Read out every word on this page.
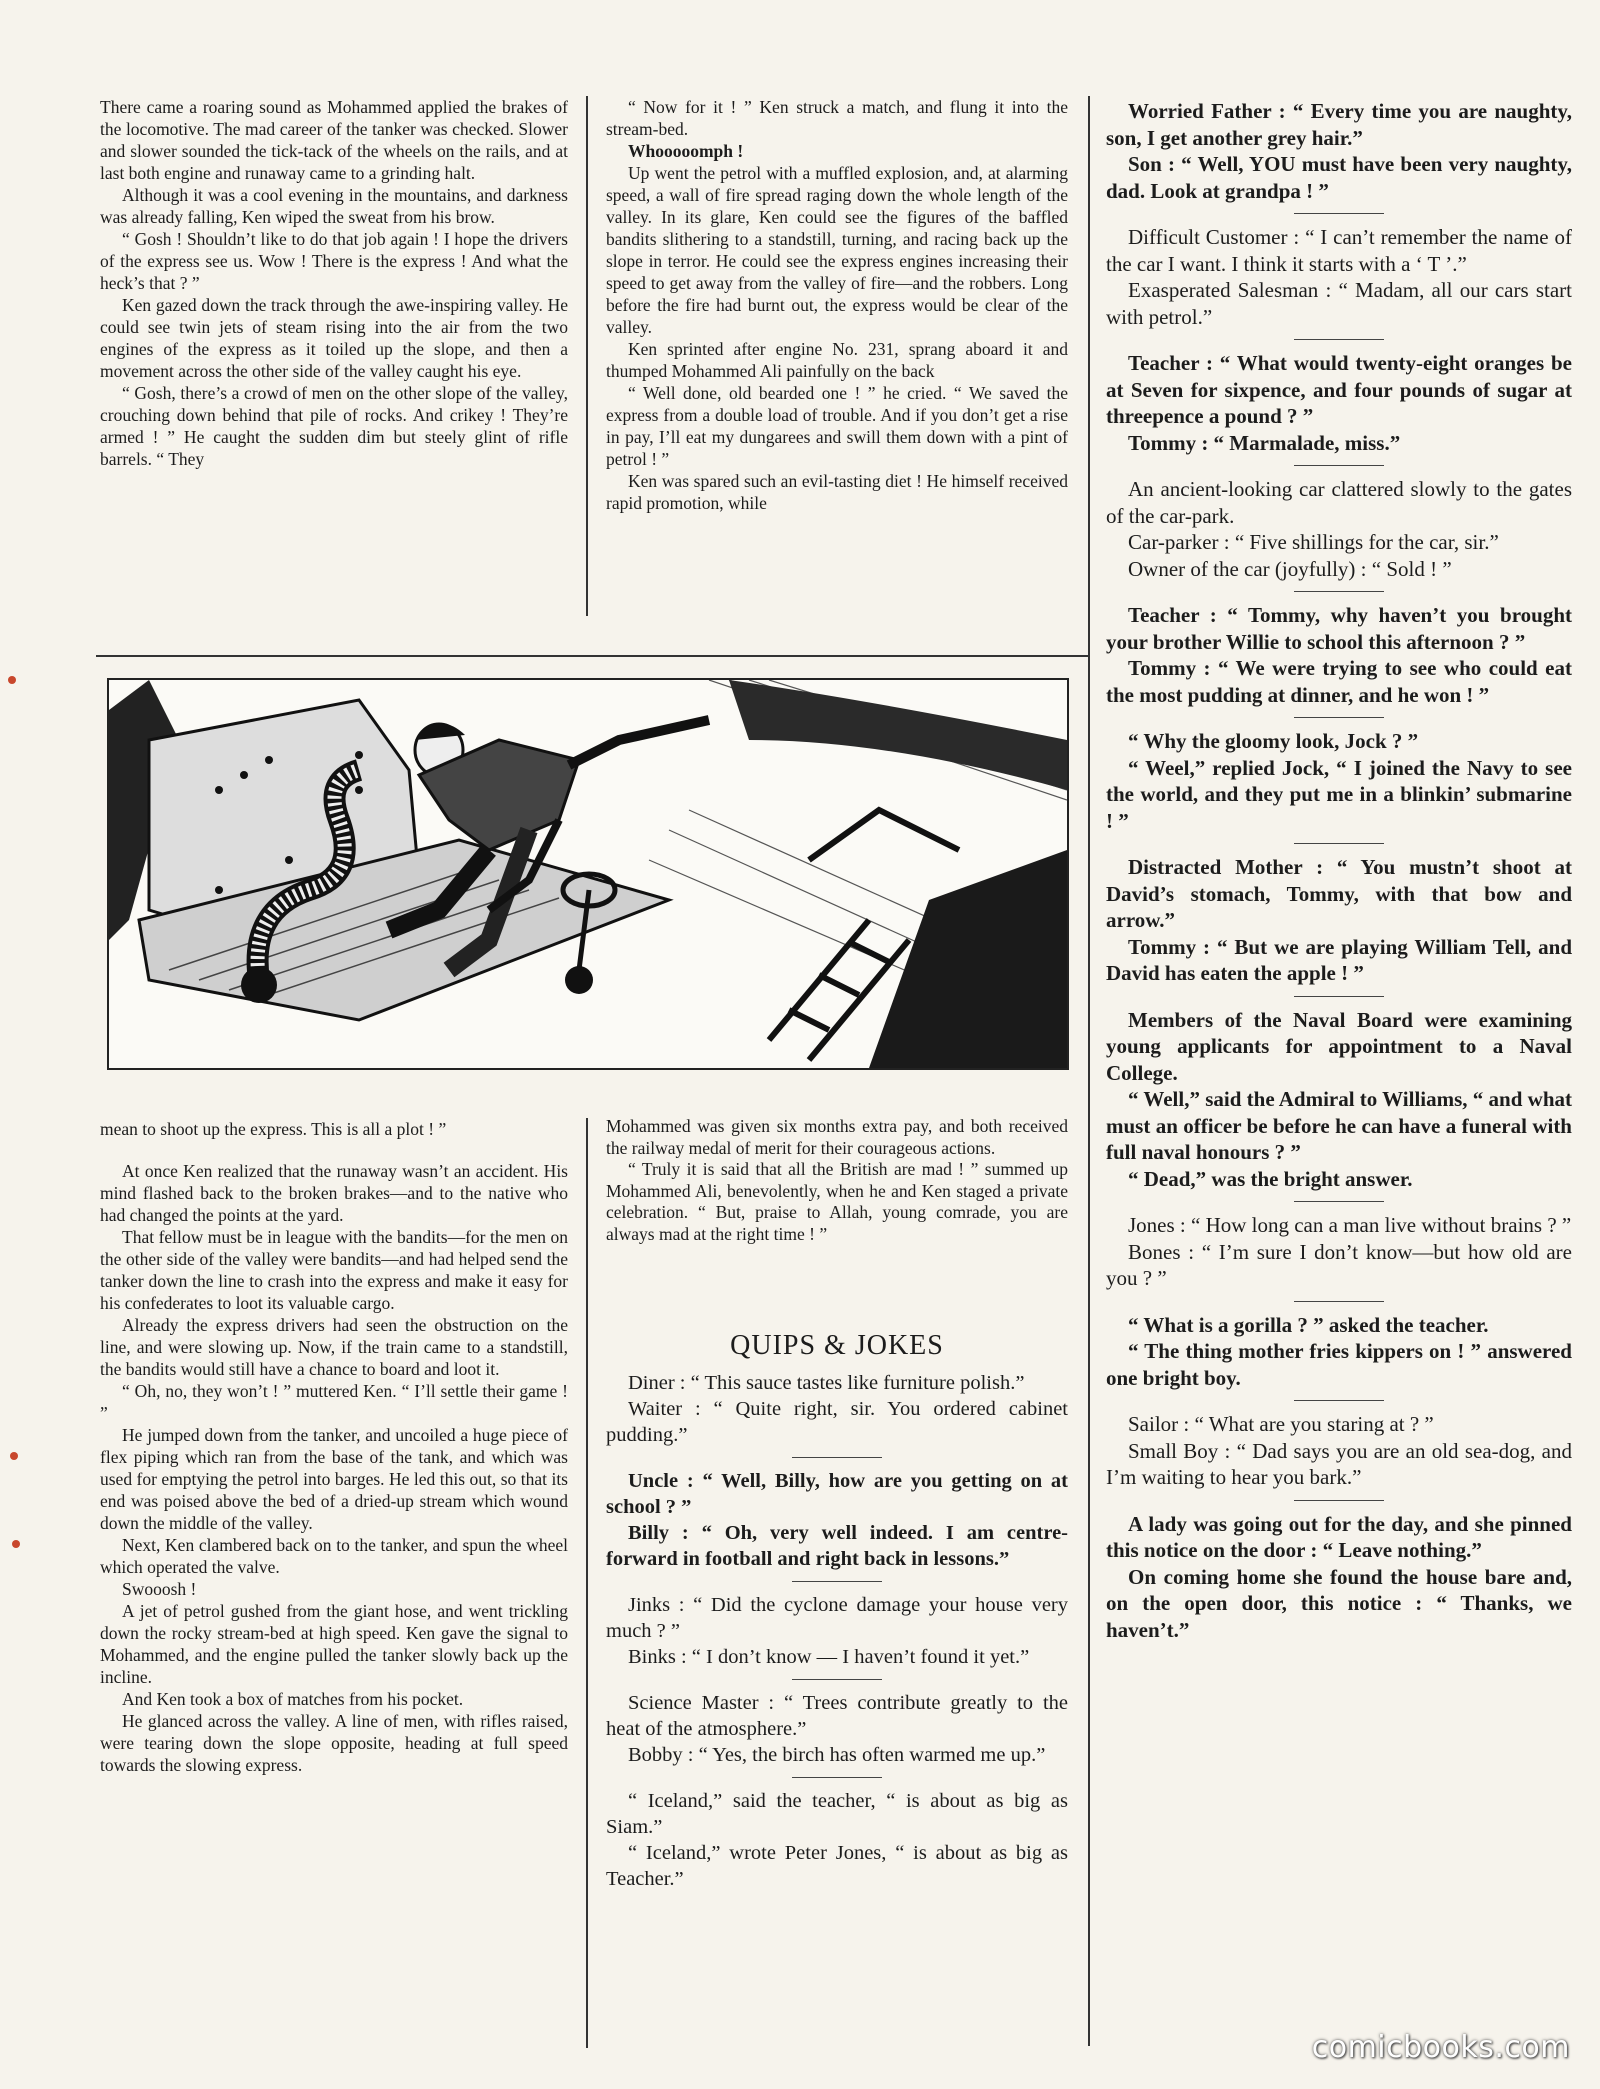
There came a roaring sound as Mohammed applied the brakes of the locomotive. The mad career of the tanker was checked. Slower and slower sounded the tick-tack of the wheels on the rails, and at last both engine and runaway came to a grinding halt.

Although it was a cool evening in the mountains, and darkness was already falling, Ken wiped the sweat from his brow.

“ Gosh ! Shouldn’t like to do that job again ! I hope the drivers of the express see us. Wow ! There is the express ! And what the heck’s that ? ”

Ken gazed down the track through the awe-inspiring valley. He could see twin jets of steam rising into the air from the two engines of the express as it toiled up the slope, and then a movement across the other side of the valley caught his eye.

“ Gosh, there’s a crowd of men on the other slope of the valley, crouching down behind that pile of rocks. And crikey ! They’re armed ! ” He caught the sudden dim but steely glint of rifle barrels. “ They

“ Now for it ! ” Ken struck a match, and flung it into the stream-bed.

Whooooomph !

Up went the petrol with a muffled explosion, and, at alarming speed, a wall of fire spread raging down the whole length of the valley. In its glare, Ken could see the figures of the baffled bandits slithering to a standstill, turning, and racing back up the slope in terror. He could see the express engines increasing their speed to get away from the valley of fire—and the robbers. Long before the fire had burnt out, the express would be clear of the valley.

Ken sprinted after engine No. 231, sprang aboard it and thumped Mohammed Ali painfully on the back

“ Well done, old bearded one ! ” he cried. “ We saved the express from a double load of trouble. And if you don’t get a rise in pay, I’ll eat my dungarees and swill them down with a pint of petrol ! ”

Ken was spared such an evil-tasting diet ! He himself received rapid promotion, while

mean to shoot up the express. This is all a plot ! ”

At once Ken realized that the runaway wasn’t an accident. His mind flashed back to the broken brakes—and to the native who had changed the points at the yard.

That fellow must be in league with the bandits—for the men on the other side of the valley were bandits—and had helped send the tanker down the line to crash into the express and make it easy for his confederates to loot its valuable cargo.

Already the express drivers had seen the obstruction on the line, and were slowing up. Now, if the train came to a standstill, the bandits would still have a chance to board and loot it.

“ Oh, no, they won’t ! ” muttered Ken. “ I’ll settle their game ! ”

He jumped down from the tanker, and uncoiled a huge piece of flex piping which ran from the base of the tank, and which was used for emptying the petrol into barges. He led this out, so that its end was poised above the bed of a dried-up stream which wound down the middle of the valley.

Next, Ken clambered back on to the tanker, and spun the wheel which operated the valve.

Swooosh !

A jet of petrol gushed from the giant hose, and went trickling down the rocky stream-bed at high speed. Ken gave the signal to Mohammed, and the engine pulled the tanker slowly back up the incline.

And Ken took a box of matches from his pocket.

He glanced across the valley. A line of men, with rifles raised, were tearing down the slope opposite, heading at full speed towards the slowing express.

Mohammed was given six months extra pay, and both received the railway medal of merit for their courageous actions.

“ Truly it is said that all the British are mad ! ” summed up Mohammed Ali, benevolently, when he and Ken staged a private celebration. “ But, praise to Allah, young comrade, you are always mad at the right time ! ”

QUIPS & JOKES

Diner : “ This sauce tastes like furniture polish.”

Waiter : “ Quite right, sir. You ordered cabinet pudding.”

Uncle : “ Well, Billy, how are you getting on at school ? ”

Billy : “ Oh, very well indeed. I am centre-forward in football and right back in lessons.”

Jinks : “ Did the cyclone damage your house very much ? ”

Binks : “ I don’t know — I haven’t found it yet.”

Science Master : “ Trees contribute greatly to the heat of the atmosphere.”

Bobby : “ Yes, the birch has often warmed me up.”

“ Iceland,” said the teacher, “ is about as big as Siam.”

“ Iceland,” wrote Peter Jones, “ is about as big as Teacher.”

Worried Father : “ Every time you are naughty, son, I get another grey hair.”

Son : “ Well, YOU must have been very naughty, dad. Look at grandpa ! ”

Difficult Customer : “ I can’t remember the name of the car I want. I think it starts with a ‘ T ’.”

Exasperated Salesman : “ Madam, all our cars start with petrol.”

Teacher : “ What would twenty-eight oranges be at Seven for sixpence, and four pounds of sugar at threepence a pound ? ”

Tommy : “ Marmalade, miss.”

An ancient-looking car clattered slowly to the gates of the car-park.

Car-parker : “ Five shillings for the car, sir.”

Owner of the car (joyfully) : “ Sold ! ”

Teacher : “ Tommy, why haven’t you brought your brother Willie to school this afternoon ? ”

Tommy : “ We were trying to see who could eat the most pudding at dinner, and he won ! ”

“ Why the gloomy look, Jock ? ”

“ Weel,” replied Jock, “ I joined the Navy to see the world, and they put me in a blinkin’ submarine ! ”

Distracted Mother : “ You mustn’t shoot at David’s stomach, Tommy, with that bow and arrow.”

Tommy : “ But we are playing William Tell, and David has eaten the apple ! ”

Members of the Naval Board were examining young applicants for appointment to a Naval College.

“ Well,” said the Admiral to Williams, “ and what must an officer be before he can have a funeral with full naval honours ? ”

“ Dead,” was the bright answer.

Jones : “ How long can a man live without brains ? ”

Bones : “ I’m sure I don’t know—but how old are you ? ”

“ What is a gorilla ? ” asked the teacher.

“ The thing mother fries kippers on ! ” answered one bright boy.

Sailor : “ What are you staring at ? ”

Small Boy : “ Dad says you are an old sea-dog, and I’m waiting to hear you bark.”

A lady was going out for the day, and she pinned this notice on the door : “ Leave nothing.”

On coming home she found the house bare and, on the open door, this notice : “ Thanks, we haven’t.”

comicbooks.com
